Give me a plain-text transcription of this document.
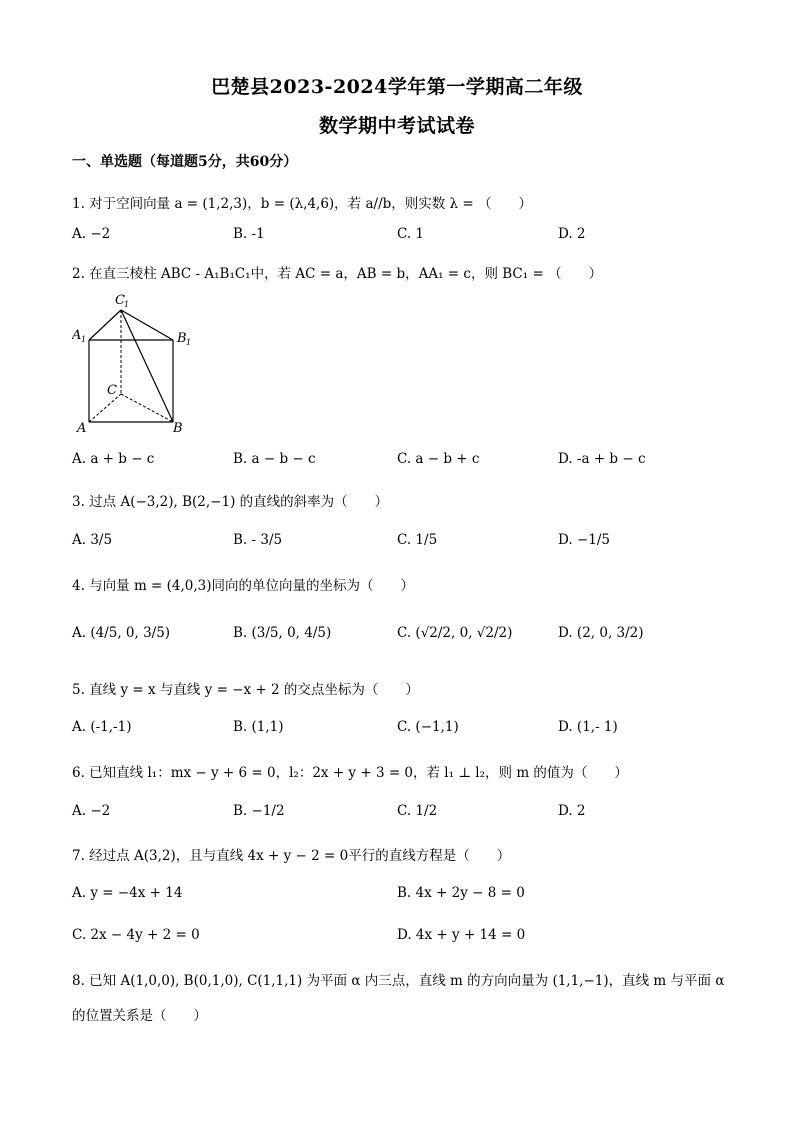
巴楚县2023-2024学年第一学期高二年级
数学期中考试试卷
一、单选题（每道题5分，共60分）
1. 对于空间向量 a = (1,2,3)，b = (λ,4,6)，若 a//b，则实数 λ = （　　）
A. −2	B. -1	C. 1	D. 2
2. 在直三棱柱 ABC - A₁B₁C₁中，若 AC = a，AB = b，AA₁ = c，则 BC₁ = （　　）
C 1
A 1	B 1
C
A	B
A. a + b − c	B. a − b − c	C. a − b + c	D. -a + b − c
3. 过点 A(−3,2), B(2,−1) 的直线的斜率为（　　）
A. 3/5	B. - 3/5	C. 1/5	D. −1/5
4. 与向量 m = (4,0,3)同向的单位向量的坐标为（　　）
A. (4/5, 0, 3/5)	B. (3/5, 0, 4/5)	C. (√2/2, 0, √2/2)	D. (2, 0, 3/2)
5. 直线 y = x 与直线 y = −x + 2 的交点坐标为（　　）
A. (-1,-1)	B. (1,1)	C. (−1,1)	D. (1,- 1)
6. 已知直线 l₁：mx − y + 6 = 0，l₂：2x + y + 3 = 0，若 l₁ ⊥ l₂，则 m 的值为（　　）
A. −2	B. −1/2	C. 1/2	D. 2
7. 经过点 A(3,2)，且与直线 4x + y − 2 = 0平行的直线方程是（　　）
A. y = −4x + 14	B. 4x + 2y − 8 = 0
C. 2x − 4y + 2 = 0	D. 4x + y + 14 = 0
8. 已知 A(1,0,0), B(0,1,0), C(1,1,1) 为平面 α 内三点，直线 m 的方向向量为 (1,1,−1)，直线 m 与平面 α
的位置关系是（　　）
